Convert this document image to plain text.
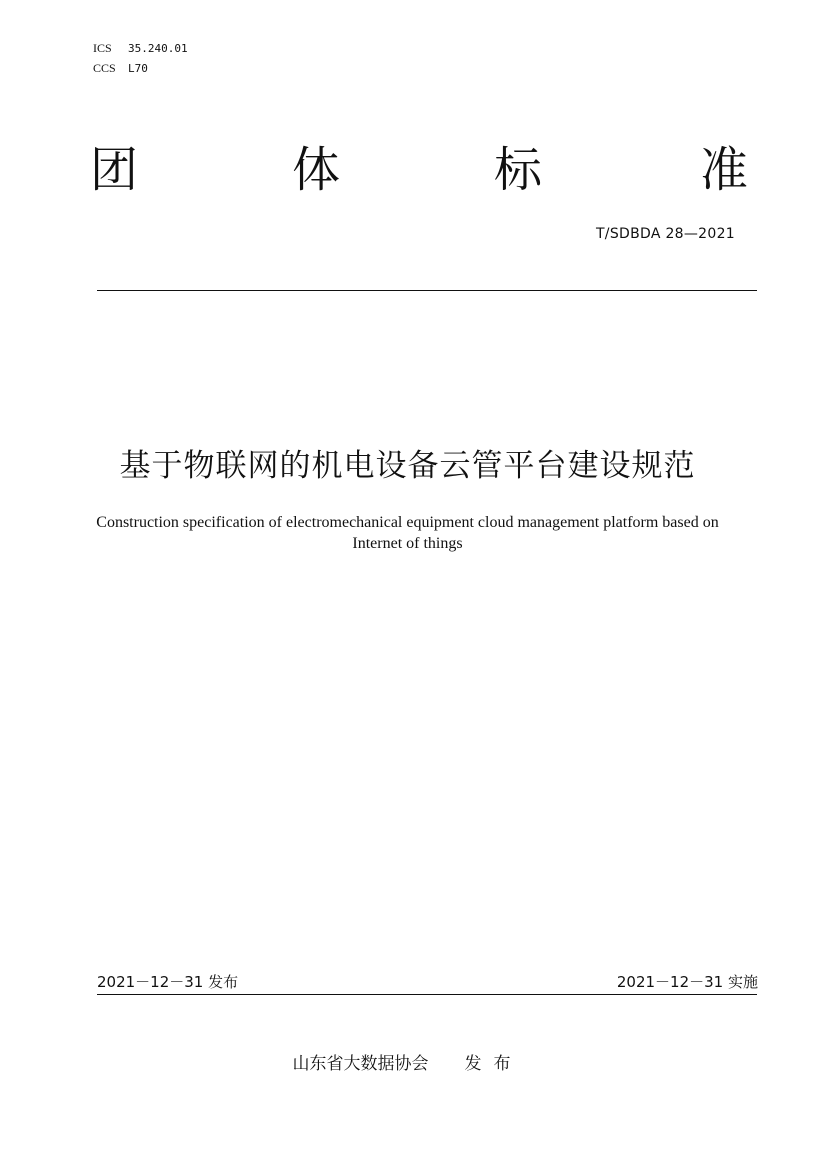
ICS 35.240.01
CCS L70
团	体	标	准
T/SDBDA 28—2021
基于物联网的机电设备云管平台建设规范
Construction specification of electromechanical equipment cloud management platform based on Internet of things
2021－12－31 发布	2021－12－31 实施
山东省大数据协会 发布
